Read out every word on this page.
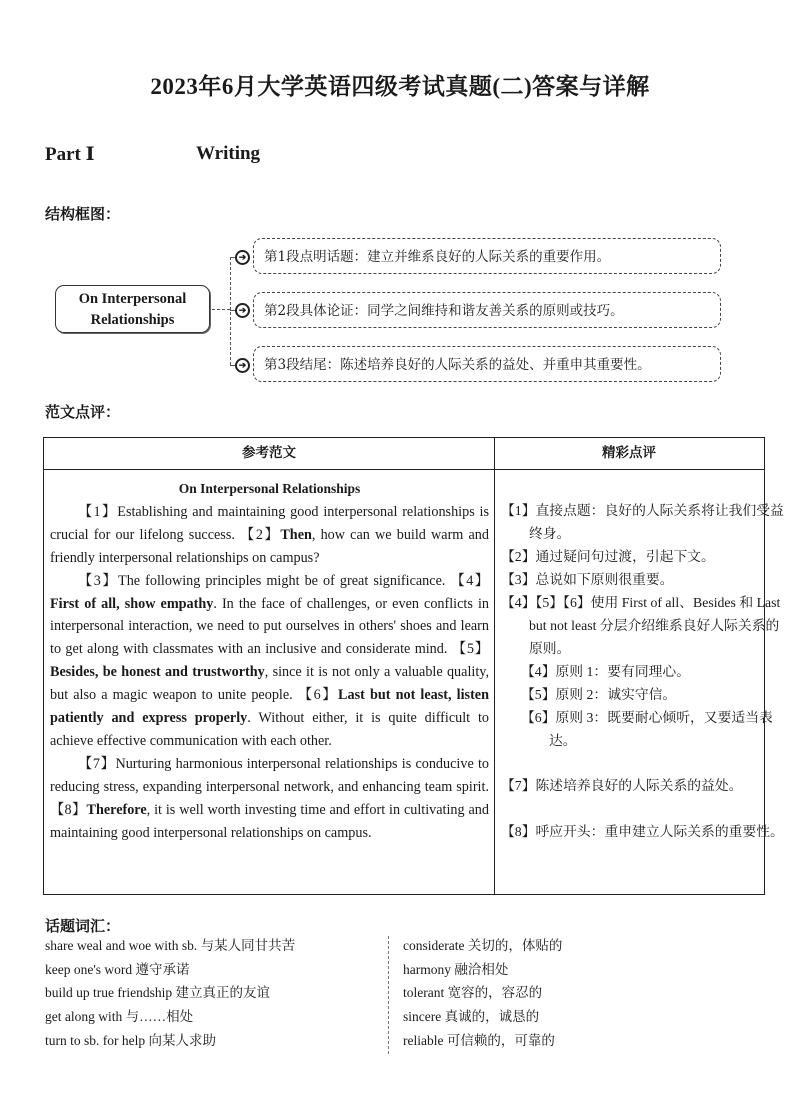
2023年6月大学英语四级考试真题(二)答案与详解
Part Ⅰ	Writing
结构框图：
On Interpersonal
Relationships
➔
➔
➔
第1段点明话题：建立并维系良好的人际关系的重要作用。
第2段具体论证：同学之间维持和谐友善关系的原则或技巧。
第3段结尾：陈述培养良好的人际关系的益处、并重申其重要性。
范文点评：
参考范文	精彩点评
On Interpersonal Relationships

【1】Establishing and maintaining good interpersonal relationships is crucial for our lifelong success. 【2】Then, how can we build warm and friendly interpersonal relationships on campus?

【3】The following principles might be of great significance. 【4】First of all, show empathy. In the face of challenges, or even conflicts in interpersonal interaction, we need to put ourselves in others' shoes and learn to get along with classmates with an inclusive and considerate mind. 【5】Besides, be honest and trustworthy, since it is not only a valuable quality, but also a magic weapon to unite people. 【6】Last but not least, listen patiently and express properly. Without either, it is quite difficult to achieve effective communication with each other.

【7】Nurturing harmonious interpersonal relationships is conducive to reducing stress, expanding interpersonal network, and enhancing team spirit. 【8】Therefore, it is well worth investing time and effort in cultivating and maintaining good interpersonal relationships on campus.

【1】直接点题：良好的人际关系将让我们受益终身。
【2】通过疑问句过渡，引起下文。
【3】总说如下原则很重要。
【4】【5】【6】使用 First of all、Besides 和 Last but not least 分层介绍维系良好人际关系的原则。
【4】原则 1：要有同理心。
【5】原则 2：诚实守信。
【6】原则 3：既要耐心倾听，又要适当表达。
【7】陈述培养良好的人际关系的益处。
【8】呼应开头：重申建立人际关系的重要性。
话题词汇：
share weal and woe with sb. 与某人同甘共苦
keep one's word 遵守承诺
build up true friendship 建立真正的友谊
get along with 与……相处
turn to sb. for help 向某人求助
considerate 关切的，体贴的
harmony 融洽相处
tolerant 宽容的，容忍的
sincere 真诚的，诚恳的
reliable 可信赖的，可靠的
